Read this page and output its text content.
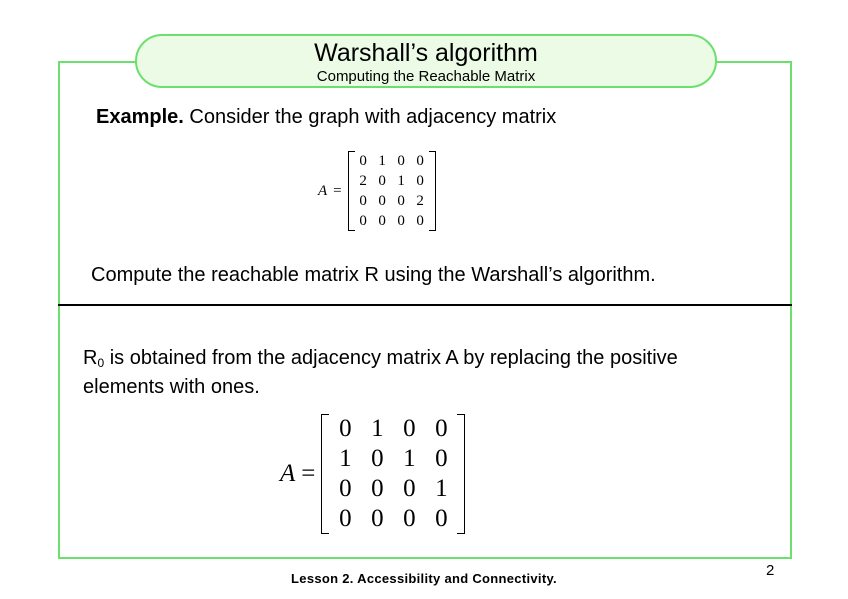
Warshall’s algorithm
Computing the Reachable Matrix
Example. Consider the graph with adjacency matrix
A =
0 1 0 0
2 0 1 0
0 0 0 2
0 0 0 0
Compute the reachable matrix R using the Warshall’s algorithm.
R0 is obtained from the adjacency matrix A by replacing the positive elements with ones.
A =
0 1 0 0
1 0 1 0
0 0 0 1
0 0 0 0
Lesson 2. Accessibility and Connectivity.	2
